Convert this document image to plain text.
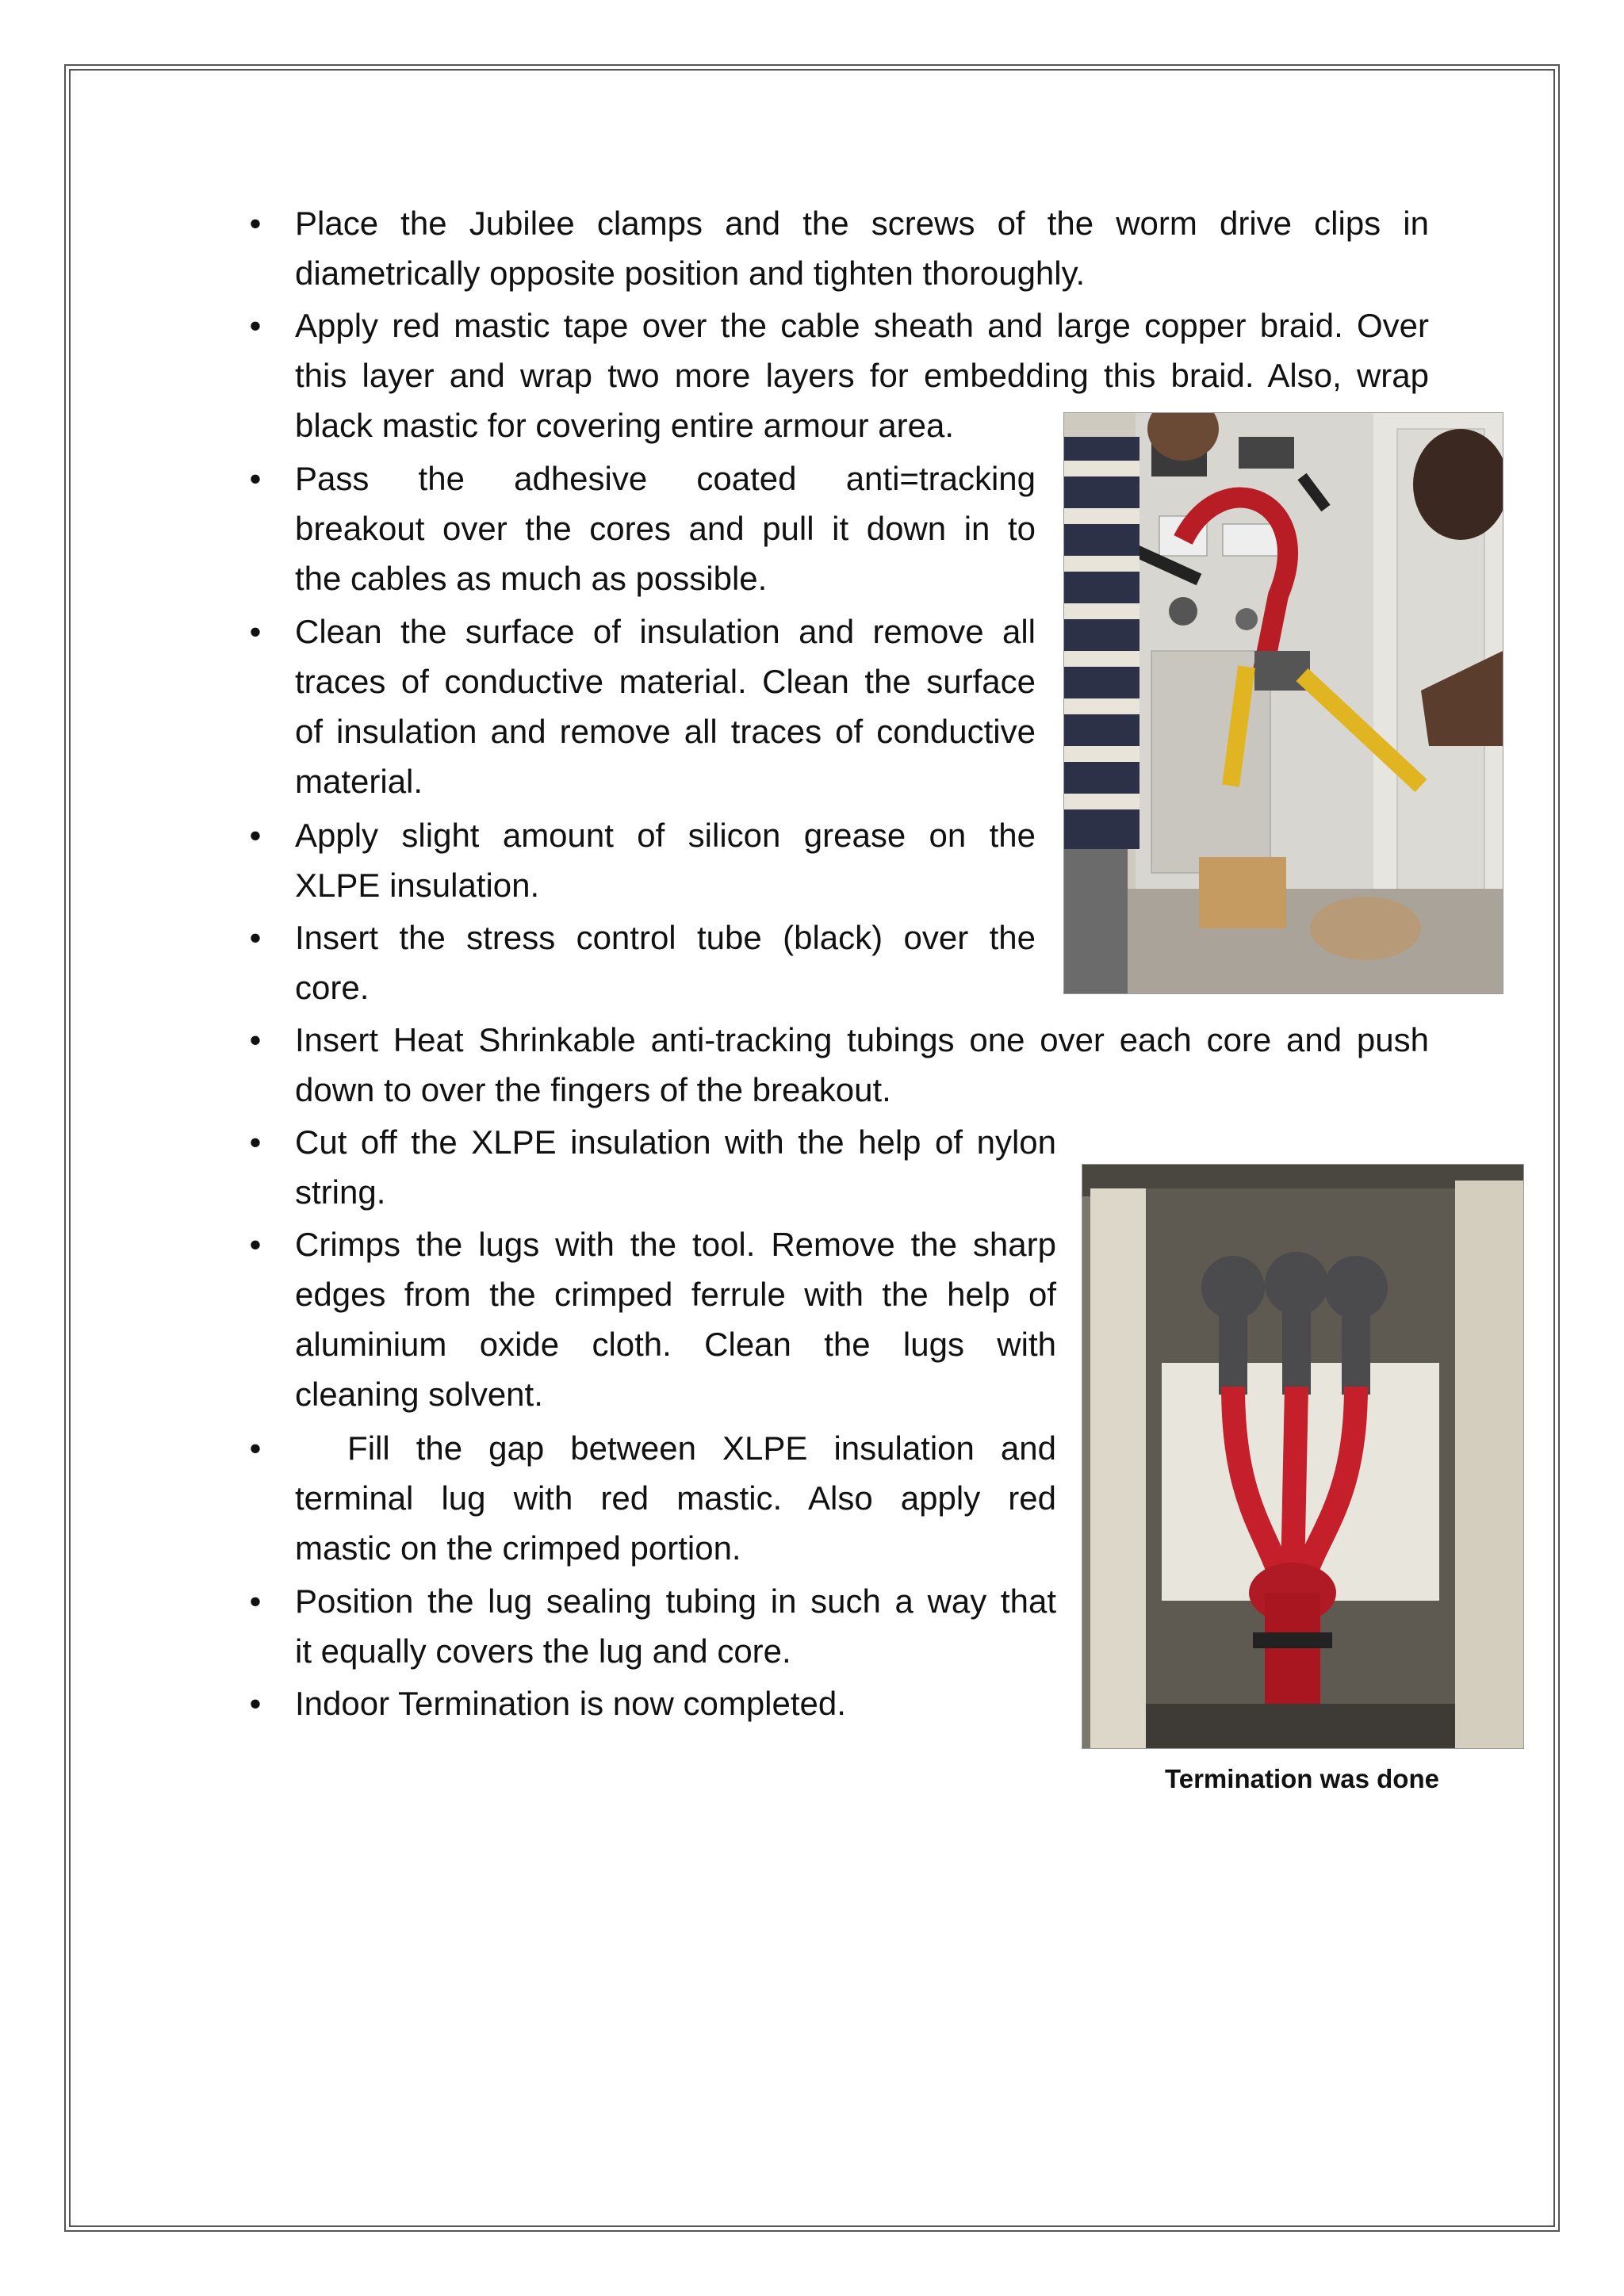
• Place the Jubilee clamps and the screws of the worm drive clips in
diametrically opposite position and tighten thoroughly.
• Apply red mastic tape over the cable sheath and large copper braid. Over
this layer and wrap two more layers for embedding this braid. Also, wrap
black mastic for covering entire armour area.
• Pass the adhesive coated anti=tracking
breakout over the cores and pull it down in to
the cables as much as possible.
• Clean the surface of insulation and remove all
traces of conductive material. Clean the surface
of insulation and remove all traces of conductive
material.
• Apply slight amount of silicon grease on the
XLPE insulation.
• Insert the stress control tube (black) over the
core.
• Insert Heat Shrinkable anti-tracking tubings one over each core and push
down to over the fingers of the breakout.
• Cut off the XLPE insulation with the help of nylon
string.
• Crimps the lugs with the tool. Remove the sharp
edges from the crimped ferrule with the help of
aluminium oxide cloth. Clean the lugs with
cleaning solvent.
• Fill the gap between XLPE insulation and
terminal lug with red mastic. Also apply red
mastic on the crimped portion.
• Position the lug sealing tubing in such a way that
it equally covers the lug and core.
• Indoor Termination is now completed.
Termination was done
